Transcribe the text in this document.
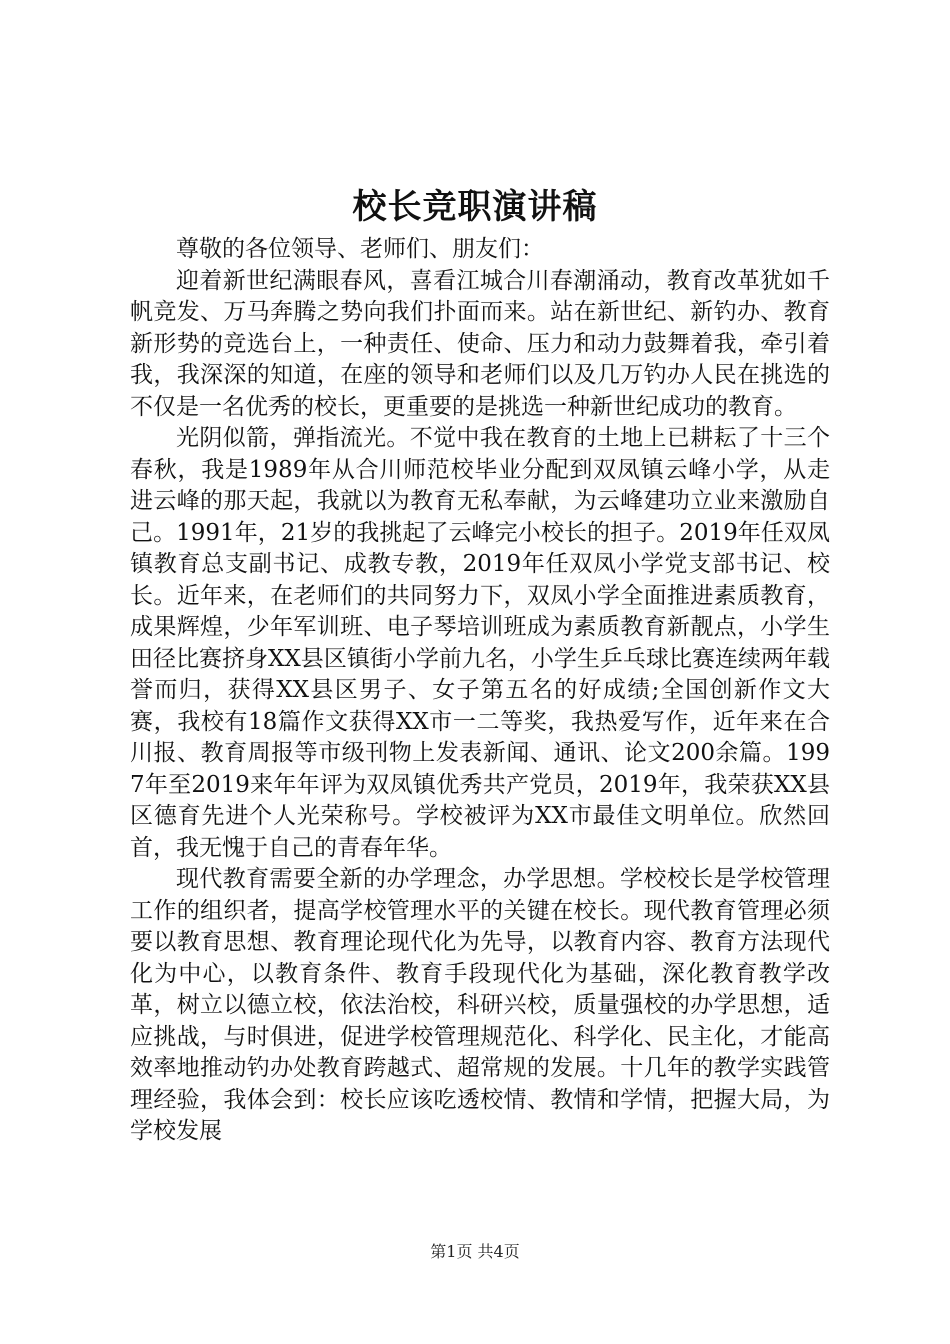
校长竞职演讲稿

尊敬的各位领导、老师们、朋友们：

迎着新世纪满眼春风，喜看江城合川春潮涌动，教育改革犹如千帆竞发、万马奔腾之势向我们扑面而来。站在新世纪、新钓办、教育新形势的竞选台上，一种责任、使命、压力和动力鼓舞着我，牵引着我，我深深的知道，在座的领导和老师们以及几万钓办人民在挑选的不仅是一名优秀的校长，更重要的是挑选一种新世纪成功的教育。

光阴似箭，弹指流光。不觉中我在教育的土地上已耕耘了十三个春秋，我是1989年从合川师范校毕业分配到双凤镇云峰小学，从走进云峰的那天起，我就以为教育无私奉献，为云峰建功立业来激励自己。1991年，21岁的我挑起了云峰完小校长的担子。2019年任双凤镇教育总支副书记、成教专教，2019年任双凤小学党支部书记、校长。近年来，在老师们的共同努力下，双凤小学全面推进素质教育，成果辉煌，少年军训班、电子琴培训班成为素质教育新靓点，小学生田径比赛挤身XX县区镇街小学前九名，小学生乒乓球比赛连续两年载誉而归，获得XX县区男子、女子第五名的好成绩;全国创新作文大赛，我校有18篇作文获得XX市一二等奖，我热爱写作，近年来在合川报、教育周报等市级刊物上发表新闻、通讯、论文200余篇。1997年至2019来年年评为双凤镇优秀共产党员，2019年，我荣获XX县区德育先进个人光荣称号。学校被评为XX市最佳文明单位。欣然回首，我无愧于自己的青春年华。

现代教育需要全新的办学理念，办学思想。学校校长是学校管理工作的组织者，提高学校管理水平的关键在校长。现代教育管理必须要以教育思想、教育理论现代化为先导，以教育内容、教育方法现代化为中心，以教育条件、教育手段现代化为基础，深化教育教学改革，树立以德立校，依法治校，科研兴校，质量强校的办学思想，适应挑战，与时俱进，促进学校管理规范化、科学化、民主化，才能高效率地推动钓办处教育跨越式、超常规的发展。十几年的教学实践管理经验，我体会到：校长应该吃透校情、教情和学情，把握大局，为学校发展

第1页 共4页
